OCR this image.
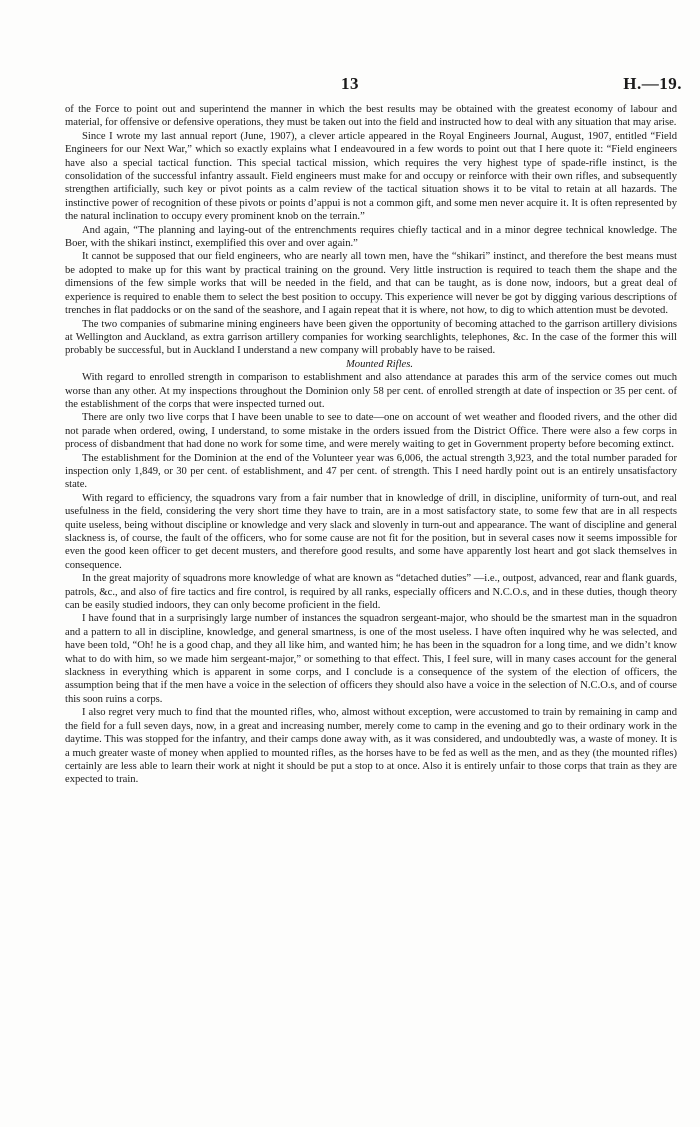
13	H.—19.

of the Force to point out and superintend the manner in which the best results may be obtained with the greatest economy of labour and material, for offensive or defensive operations, they must be taken out into the field and instructed how to deal with any situation that may arise.

Since I wrote my last annual report (June, 1907), a clever article appeared in the Royal Engineers Journal, August, 1907, entitled “Field Engineers for our Next War,” which so exactly explains what I endeavoured in a few words to point out that I here quote it: “Field engineers have also a special tactical function. This special tactical mission, which requires the very highest type of spade-rifle instinct, is the consolidation of the successful infantry assault. Field engineers must make for and occupy or reinforce with their own rifles, and subsequently strengthen artificially, such key or pivot points as a calm review of the tactical situation shows it to be vital to retain at all hazards. The instinctive power of recognition of these pivots or points d’appui is not a common gift, and some men never acquire it. It is often represented by the natural inclination to occupy every prominent knob on the terrain.”

And again, “The planning and laying-out of the entrenchments requires chiefly tactical and in a minor degree technical knowledge. The Boer, with the shikari instinct, exemplified this over and over again.”

It cannot be supposed that our field engineers, who are nearly all town men, have the “shikari” instinct, and therefore the best means must be adopted to make up for this want by practical training on the ground. Very little instruction is required to teach them the shape and the dimensions of the few simple works that will be needed in the field, and that can be taught, as is done now, indoors, but a great deal of experience is required to enable them to select the best position to occupy. This experience will never be got by digging various descriptions of trenches in flat paddocks or on the sand of the seashore, and I again repeat that it is where, not how, to dig to which attention must be devoted.

The two companies of submarine mining engineers have been given the opportunity of becoming attached to the garrison artillery divisions at Wellington and Auckland, as extra garrison artillery companies for working searchlights, telephones, &c. In the case of the former this will probably be successful, but in Auckland I understand a new company will probably have to be raised.

Mounted Rifles.

With regard to enrolled strength in comparison to establishment and also attendance at parades this arm of the service comes out much worse than any other. At my inspections throughout the Dominion only 58 per cent. of enrolled strength at date of inspection or 35 per cent. of the establishment of the corps that were inspected turned out.

There are only two live corps that I have been unable to see to date—one on account of wet weather and flooded rivers, and the other did not parade when ordered, owing, I understand, to some mistake in the orders issued from the District Office. There were also a few corps in process of disbandment that had done no work for some time, and were merely waiting to get in Government property before becoming extinct.

The establishment for the Dominion at the end of the Volunteer year was 6,006, the actual strength 3,923, and the total number paraded for inspection only 1,849, or 30 per cent. of establishment, and 47 per cent. of strength. This I need hardly point out is an entirely unsatisfactory state.

With regard to efficiency, the squadrons vary from a fair number that in knowledge of drill, in discipline, uniformity of turn-out, and real usefulness in the field, considering the very short time they have to train, are in a most satisfactory state, to some few that are in all respects quite useless, being without discipline or knowledge and very slack and slovenly in turn-out and appearance. The want of discipline and general slackness is, of course, the fault of the officers, who for some cause are not fit for the position, but in several cases now it seems impossible for even the good keen officer to get decent musters, and therefore good results, and some have apparently lost heart and got slack themselves in consequence.

In the great majority of squadrons more knowledge of what are known as “detached duties” —i.e., outpost, advanced, rear and flank guards, patrols, &c., and also of fire tactics and fire control, is required by all ranks, especially officers and N.C.O.s, and in these duties, though theory can be easily studied indoors, they can only become proficient in the field.

I have found that in a surprisingly large number of instances the squadron sergeant-major, who should be the smartest man in the squadron and a pattern to all in discipline, knowledge, and general smartness, is one of the most useless. I have often inquired why he was selected, and have been told, “Oh! he is a good chap, and they all like him, and wanted him; he has been in the squadron for a long time, and we didn’t know what to do with him, so we made him sergeant-major,” or something to that effect. This, I feel sure, will in many cases account for the general slackness in everything which is apparent in some corps, and I conclude is a consequence of the system of the election of officers, the assumption being that if the men have a voice in the selection of officers they should also have a voice in the selection of N.C.O.s, and of course this soon ruins a corps.

I also regret very much to find that the mounted rifles, who, almost without exception, were accustomed to train by remaining in camp and the field for a full seven days, now, in a great and increasing number, merely come to camp in the evening and go to their ordinary work in the daytime. This was stopped for the infantry, and their camps done away with, as it was considered, and undoubtedly was, a waste of money. It is a much greater waste of money when applied to mounted rifles, as the horses have to be fed as well as the men, and as they (the mounted rifles) certainly are less able to learn their work at night it should be put a stop to at once. Also it is entirely unfair to those corps that train as they are expected to train.
